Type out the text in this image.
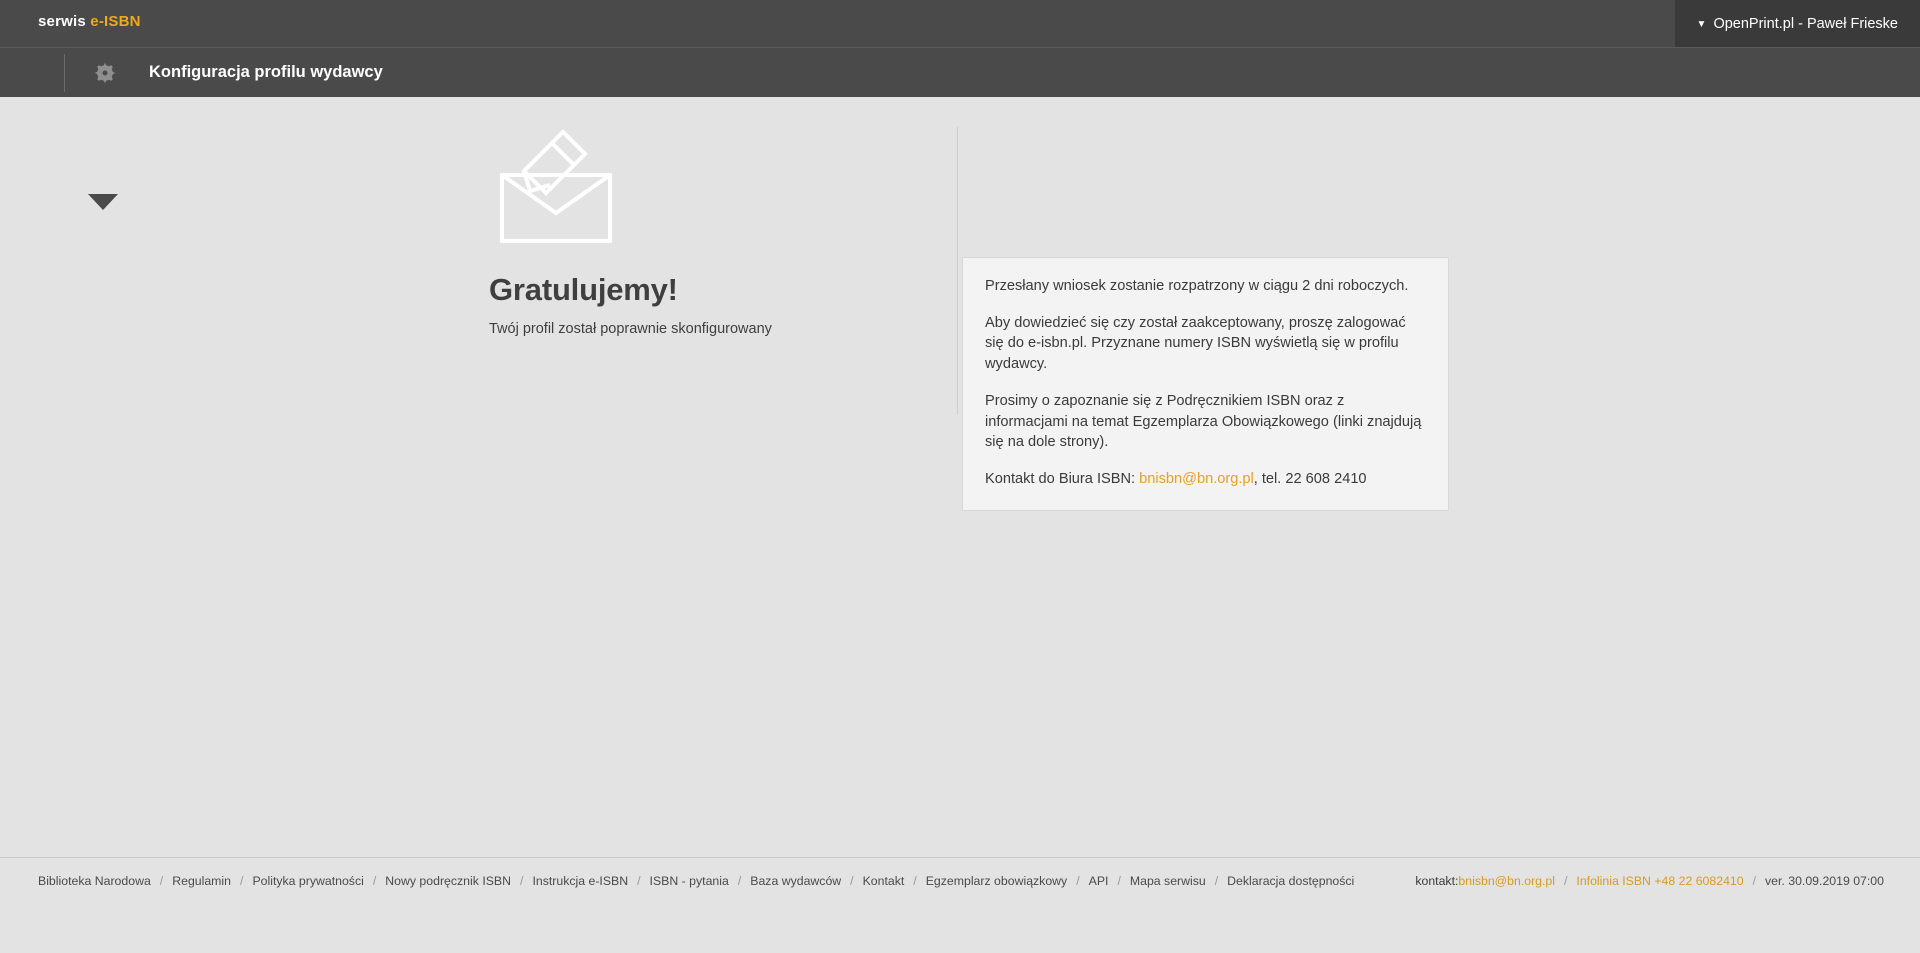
serwis e-ISBN	▼ OpenPrint.pl - Paweł Frieske
Konfiguracja profilu wydawcy
Gratulujemy!
Twój profil został poprawnie skonfigurowany

Przesłany wniosek zostanie rozpatrzony w ciągu 2 dni roboczych.

Aby dowiedzieć się czy został zaakceptowany, proszę zalogować się do e-isbn.pl. Przyznane numery ISBN wyświetlą się w profilu wydawcy.

Prosimy o zapoznanie się z Podręcznikiem ISBN oraz z informacjami na temat Egzemplarza Obowiązkowego (linki znajdują się na dole strony).

Kontakt do Biura ISBN: bnisbn@bn.org.pl, tel. 22 608 2410

Biblioteka Narodowa / Regulamin / Polityka prywatności / Nowy podręcznik ISBN / Instrukcja e-ISBN / ISBN - pytania / Baza wydawców / Kontakt / Egzemplarz obowiązkowy / API / Mapa serwisu / Deklaracja dostępności	kontakt: bnisbn@bn.org.pl / Infolinia ISBN +48 22 6082410 / ver. 30.09.2019 07:00
